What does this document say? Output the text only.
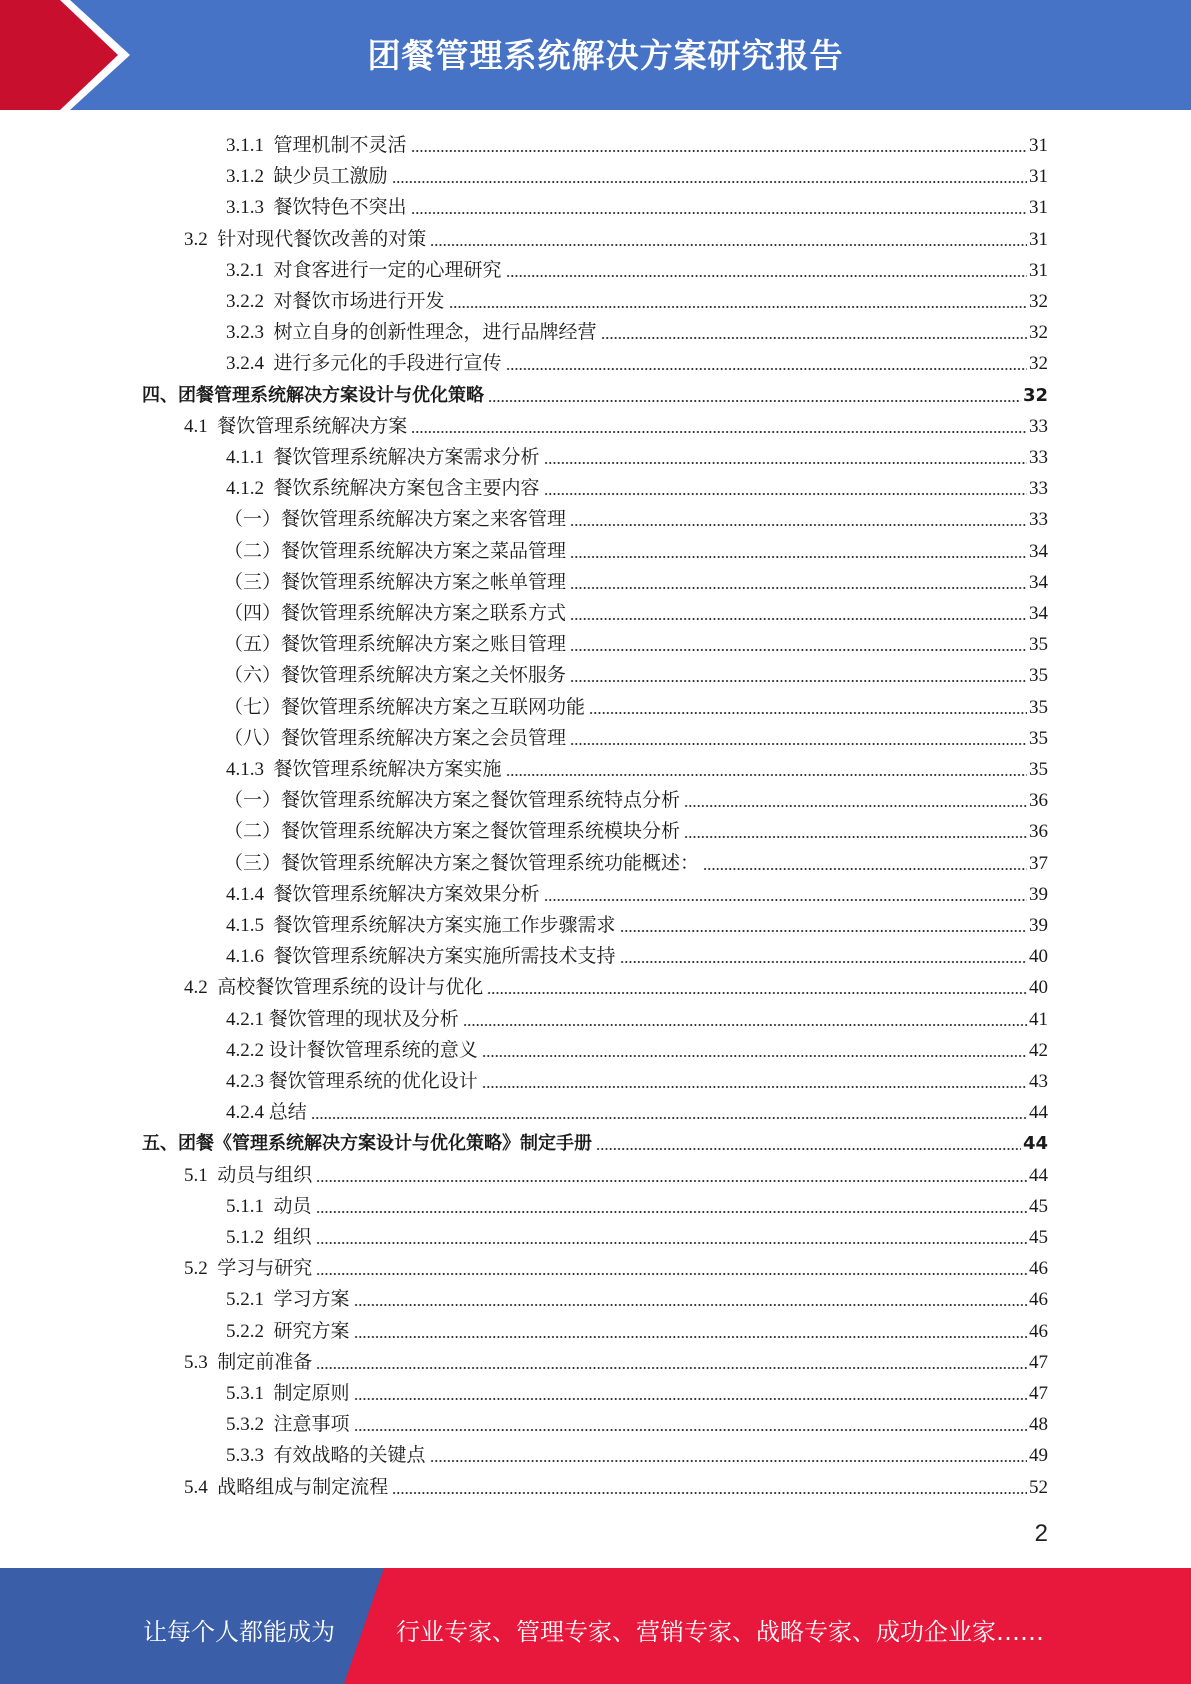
团餐管理系统解决方案研究报告
3.1.1  管理机制不灵活	31
3.1.2  缺少员工激励	31
3.1.3  餐饮特色不突出	31
3.2  针对现代餐饮改善的对策	31
3.2.1  对食客进行一定的心理研究	31
3.2.2  对餐饮市场进行开发	32
3.2.3  树立自身的创新性理念，进行品牌经营	32
3.2.4  进行多元化的手段进行宣传	32
四、团餐管理系统解决方案设计与优化策略	32
4.1  餐饮管理系统解决方案	33
4.1.1  餐饮管理系统解决方案需求分析	33
4.1.2  餐饮系统解决方案包含主要内容	33
（一）餐饮管理系统解决方案之来客管理	33
（二）餐饮管理系统解决方案之菜品管理	34
（三）餐饮管理系统解决方案之帐单管理	34
（四）餐饮管理系统解决方案之联系方式	34
（五）餐饮管理系统解决方案之账目管理	35
（六）餐饮管理系统解决方案之关怀服务	35
（七）餐饮管理系统解决方案之互联网功能	35
（八）餐饮管理系统解决方案之会员管理	35
4.1.3  餐饮管理系统解决方案实施	35
（一）餐饮管理系统解决方案之餐饮管理系统特点分析	36
（二）餐饮管理系统解决方案之餐饮管理系统模块分析	36
（三）餐饮管理系统解决方案之餐饮管理系统功能概述：	37
4.1.4  餐饮管理系统解决方案效果分析	39
4.1.5  餐饮管理系统解决方案实施工作步骤需求	39
4.1.6  餐饮管理系统解决方案实施所需技术支持	40
4.2  高校餐饮管理系统的设计与优化	40
4.2.1 餐饮管理的现状及分析	41
4.2.2 设计餐饮管理系统的意义	42
4.2.3 餐饮管理系统的优化设计	43
4.2.4 总结	44
五、团餐《管理系统解决方案设计与优化策略》制定手册	44
5.1  动员与组织	44
5.1.1  动员	45
5.1.2  组织	45
5.2  学习与研究	46
5.2.1  学习方案	46
5.2.2  研究方案	46
5.3  制定前准备	47
5.3.1  制定原则	47
5.3.2  注意事项	48
5.3.3  有效战略的关键点	49
5.4  战略组成与制定流程	52
2
让每个人都能成为	行业专家、管理专家、营销专家、战略专家、成功企业家……
